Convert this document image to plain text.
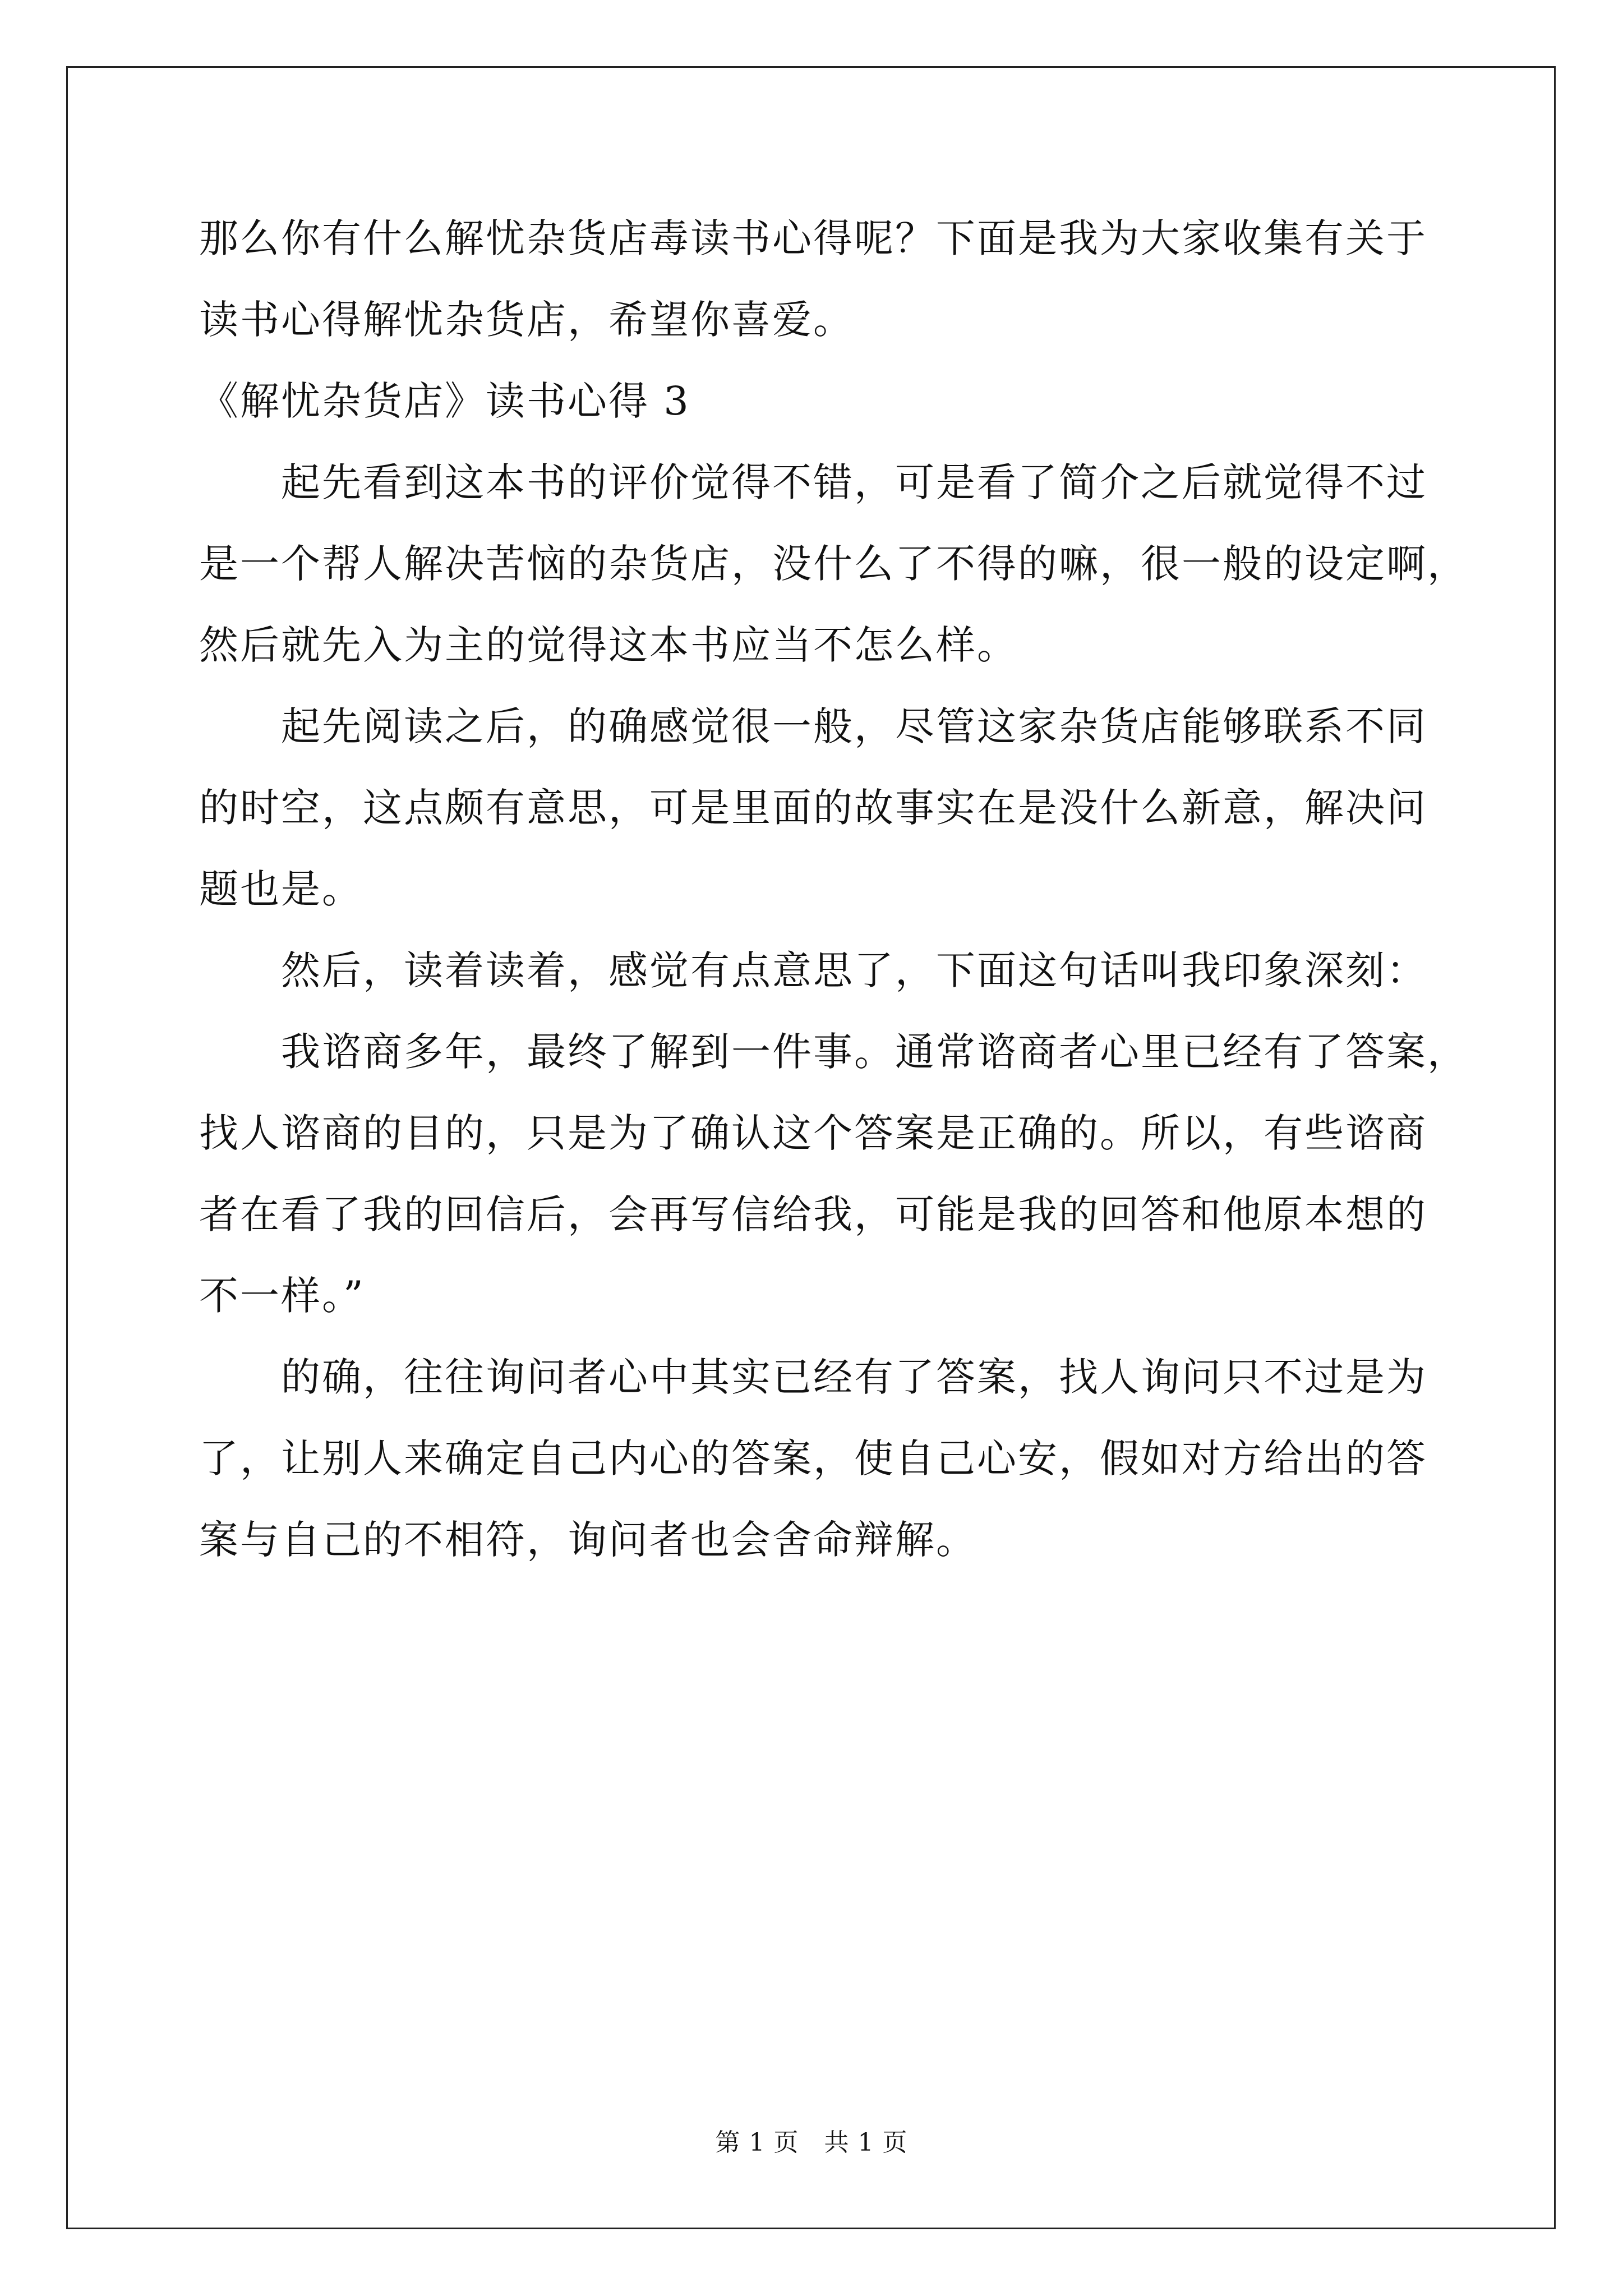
那么你有什么解忧杂货店毒读书心得呢？下面是我为大家收集有关于

读书心得解忧杂货店，希望你喜爱。

《解忧杂货店》读书心得 3

　　起先看到这本书的评价觉得不错，可是看了简介之后就觉得不过

是一个帮人解决苦恼的杂货店，没什么了不得的嘛，很一般的设定啊，

然后就先入为主的觉得这本书应当不怎么样。

　　起先阅读之后，的确感觉很一般，尽管这家杂货店能够联系不同

的时空，这点颇有意思，可是里面的故事实在是没什么新意，解决问

题也是。

　　然后，读着读着，感觉有点意思了，下面这句话叫我印象深刻：

　　我谘商多年，最终了解到一件事。通常谘商者心里已经有了答案，

找人谘商的目的，只是为了确认这个答案是正确的。所以，有些谘商

者在看了我的回信后，会再写信给我，可能是我的回答和他原本想的

不一样。”

　　的确，往往询问者心中其实已经有了答案，找人询问只不过是为

了，让别人来确定自己内心的答案，使自己心安，假如对方给出的答

案与自己的不相符，询问者也会舍命辩解。

第 1 页　共 1 页
